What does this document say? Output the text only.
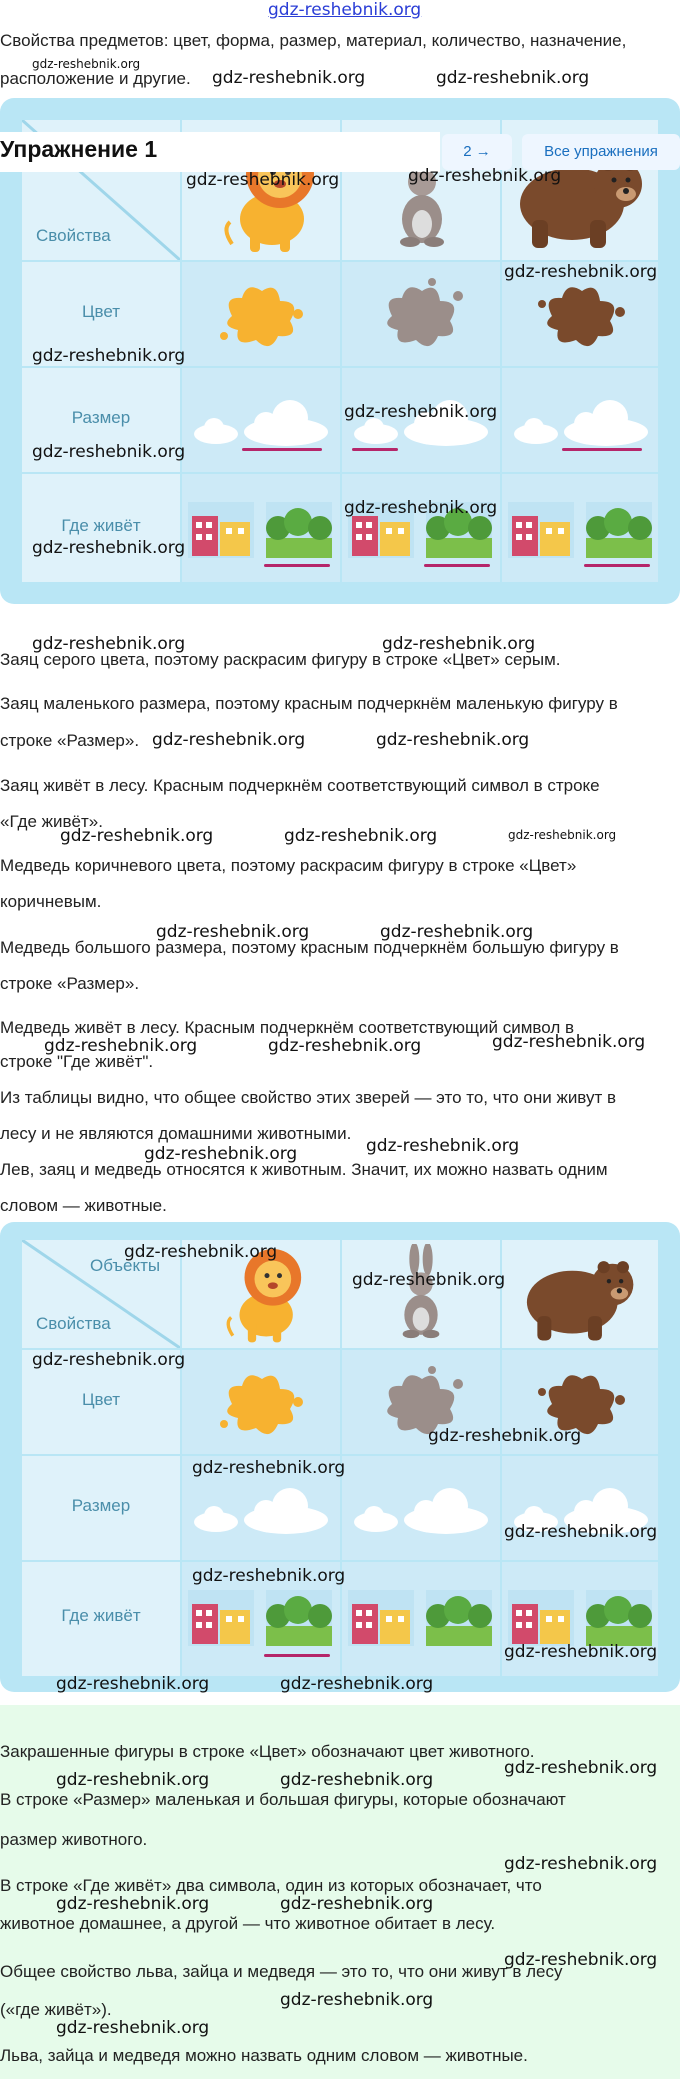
gdz-reshebnik.org
Свойства предметов: цвет, форма, размер, материал, количество, назначение,
gdz-reshebnik.org
расположение и другие. gdz-reshebnik.org	gdz-reshebnik.org
Свойства
Цвет
Размер
Где живёт
Упражнение 1	2 →	Все упражнения
gdz-reshebnik.org	gdz-reshebnik.org
gdz-reshebnik.org
gdz-reshebnik.org
gdz-reshebnik.org
gdz-reshebnik.org
gdz-reshebnik.org
gdz-reshebnik.org
gdz-reshebnik.org	gdz-reshebnik.org
Заяц серого цвета, поэтому раскрасим фигуру в строке «Цвет» серым.
Заяц маленького размера, поэтому красным подчеркнём маленькую фигуру в
строке «Размер». gdz-reshebnik.org	gdz-reshebnik.org
Заяц живёт в лесу. Красным подчеркнём соответствующий символ в строке
«Где живёт».
gdz-reshebnik.org	gdz-reshebnik.org	gdz-reshebnik.org
Медведь коричневого цвета, поэтому раскрасим фигуру в строке «Цвет»
коричневым.
gdz-reshebnik.org	gdz-reshebnik.org
Медведь большого размера, поэтому красным подчеркнём большую фигуру в
строке «Размер».
Медведь живёт в лесу. Красным подчеркнём соответствующий символ в
gdz-reshebnik.org	gdz-reshebnik.org	gdz-reshebnik.org
строке "Где живёт".
Из таблицы видно, что общее свойство этих зверей — это то, что они живут в
лесу и не являются домашними животными.
gdz-reshebnik.org	gdz-reshebnik.org
Лев, заяц и медведь относятся к животным. Значит, их можно назвать одним
словом — животные.
Объекты
Свойства
Цвет
Размер
Где живёт
gdz-reshebnik.org
gdz-reshebnik.org
gdz-reshebnik.org
gdz-reshebnik.org
gdz-reshebnik.org
gdz-reshebnik.org
gdz-reshebnik.org
gdz-reshebnik.org
gdz-reshebnik.org	gdz-reshebnik.org
Закрашенные фигуры в строке «Цвет» обозначают цвет животного.
gdz-reshebnik.org	gdz-reshebnik.org
gdz-reshebnik.org
В строке «Размер» маленькая и большая фигуры, которые обозначают
размер животного.
gdz-reshebnik.org
В строке «Где живёт» два символа, один из которых обозначает, что
gdz-reshebnik.org	gdz-reshebnik.org
животное домашнее, а другой — что животное обитает в лесу.
gdz-reshebnik.org
Общее свойство льва, зайца и медведя — это то, что они живут в лесу
gdz-reshebnik.org
(«где живёт»).
gdz-reshebnik.org
Льва, зайца и медведя можно назвать одним словом — животные.
